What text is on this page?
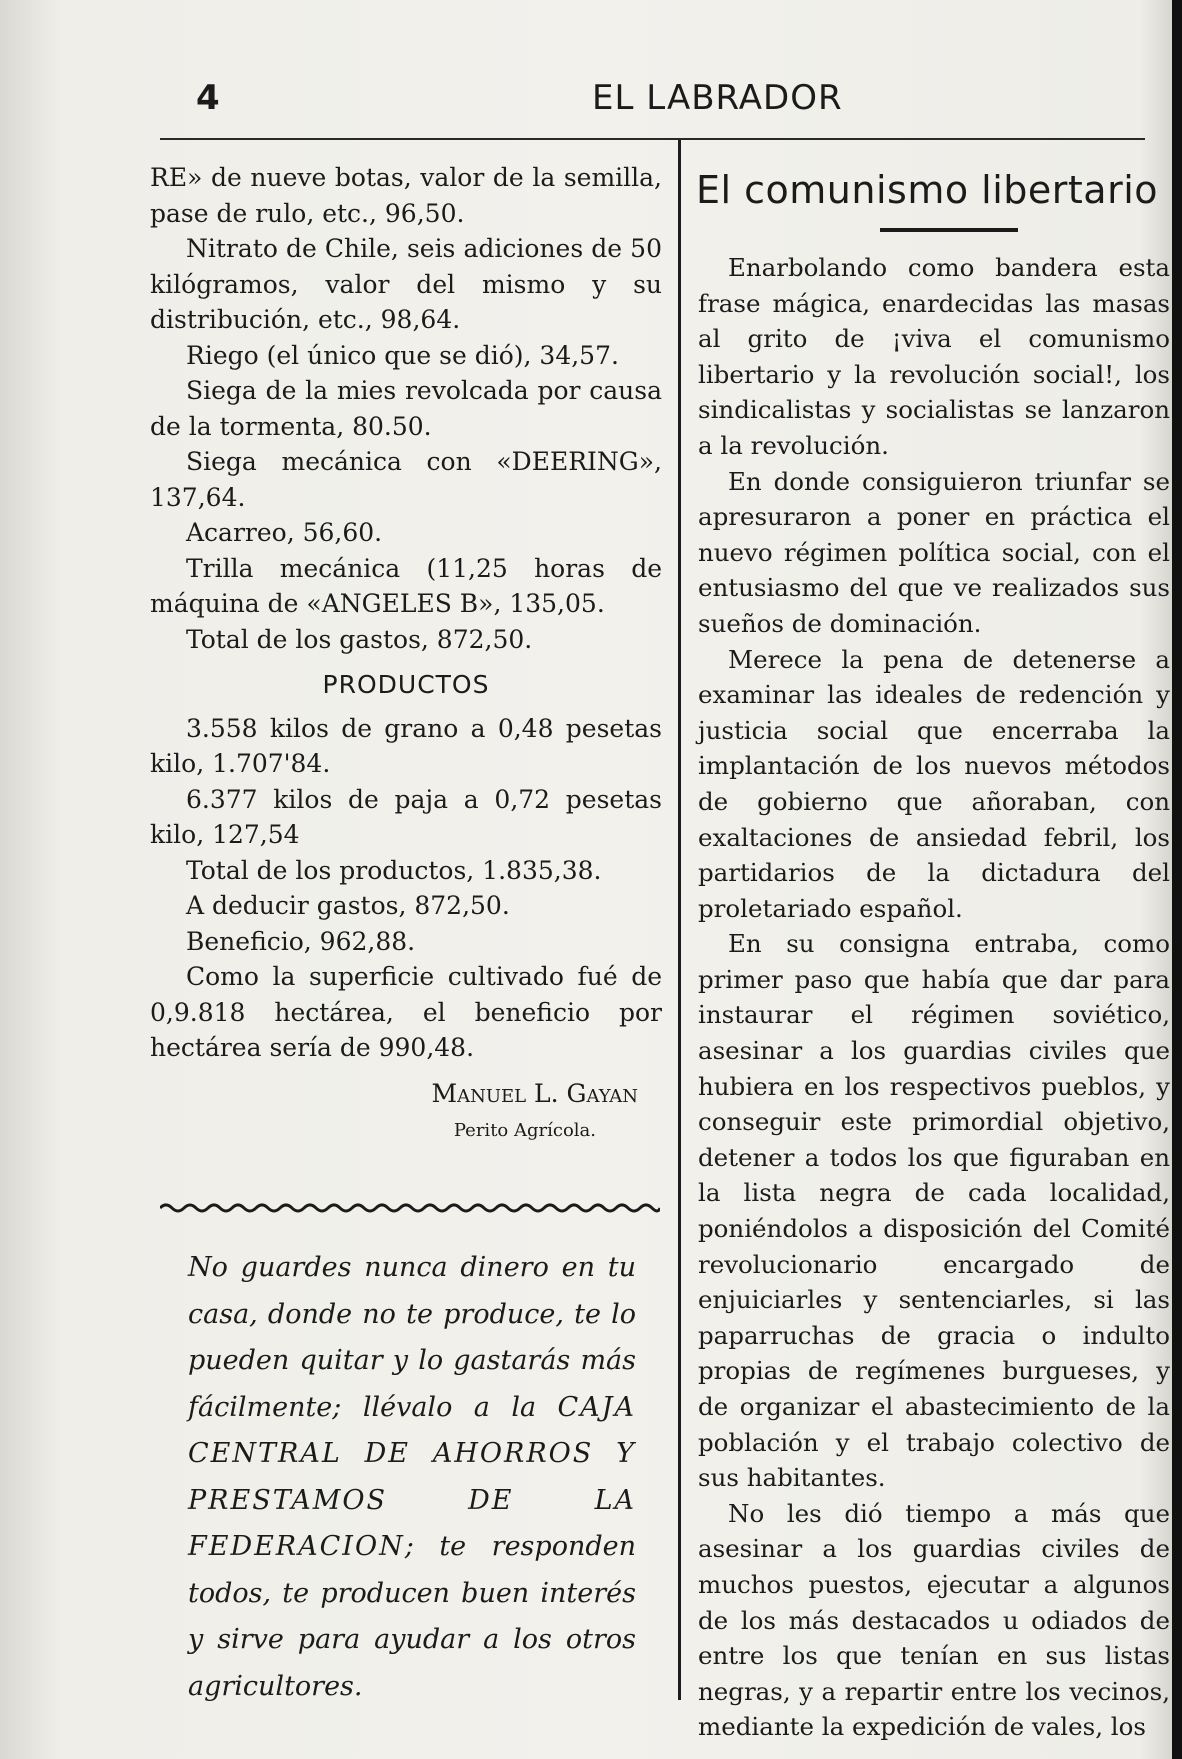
4	EL LABRADOR

RE» de nueve botas, valor de la semilla, pase de rulo, etc., 96,50.

Nitrato de Chile, seis adiciones de 50 kilógramos, valor del mismo y su distribución, etc., 98,64.

Riego (el único que se dió), 34,57.

Siega de la mies revolcada por causa de la tormenta, 80.50.

Siega mecánica con «DEERING», 137,64.

Acarreo, 56,60.

Trilla mecánica (11,25 horas de máquina de «ANGELES B», 135,05.

Total de los gastos, 872,50.

PRODUCTOS

3.558 kilos de grano a 0,48 pesetas kilo, 1.707'84.

6.377 kilos de paja a 0,72 pesetas kilo, 127,54

Total de los productos, 1.835,38.

A deducir gastos, 872,50.

Beneficio, 962,88.

Como la superficie cultivado fué de 0,9.818 hectárea, el beneficio por hectárea sería de 990,48.

Manuel L. Gayan
Perito Agrícola.
No guardes nunca dinero en tu casa, donde no te produce, te lo pueden quitar y lo gastarás más fácilmente; llévalo a la CAJA CENTRAL DE AHORROS Y PRESTAMOS DE LA FEDERACION; te responden todos, te producen buen interés y sirve para ayudar a los otros agricultores.
El comunismo libertario

Enarbolando como bandera esta frase mágica, enardecidas las masas al grito de ¡viva el comunismo libertario y la revolución social!, los sindicalistas y socialistas se lanzaron a la revolución.

En donde consiguieron triunfar se apresuraron a poner en práctica el nuevo régimen política social, con el entusiasmo del que ve realizados sus sueños de dominación.

Merece la pena de detenerse a examinar las ideales de redención y justicia social que encerraba la implantación de los nuevos métodos de gobierno que añoraban, con exaltaciones de ansiedad febril, los partidarios de la dictadura del proletariado español.

En su consigna entraba, como primer paso que había que dar para instaurar el régimen soviético, asesinar a los guardias civiles que hubiera en los respectivos pueblos, y conseguir este primordial objetivo, detener a todos los que figuraban en la lista negra de cada localidad, poniéndolos a disposición del Comité revolucionario encargado de enjuiciarles y sentenciarles, si las paparruchas de gracia o indulto propias de regímenes burgueses, y de organizar el abastecimiento de la población y el trabajo colectivo de sus habitantes.

No les dió tiempo a más que asesinar a los guardias civiles de muchos puestos, ejecutar a algunos de los más destacados u odiados de entre los que tenían en sus listas negras, y a repartir entre los vecinos, mediante la expedición de vales, los
